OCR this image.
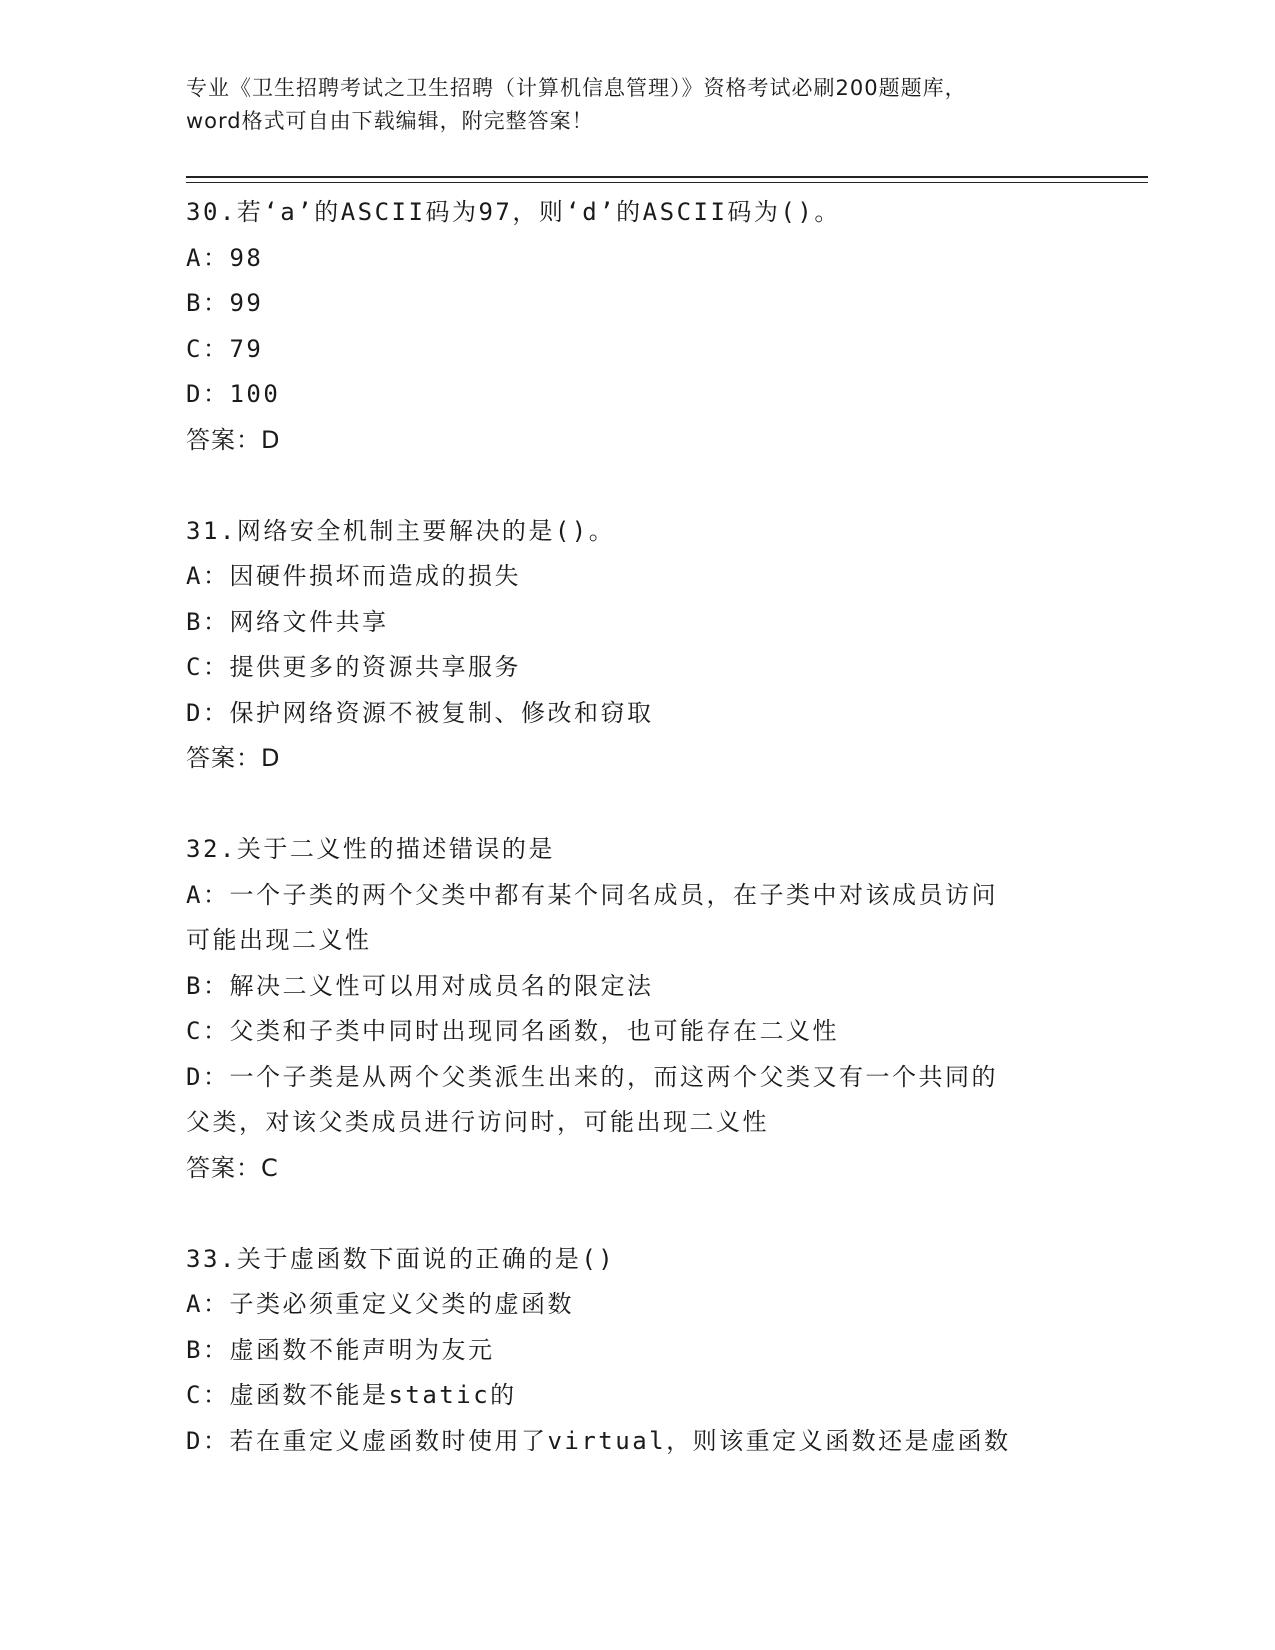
专业《卫生招聘考试之卫生招聘（计算机信息管理）》资格考试必刷200题题库，
word格式可自由下载编辑，附完整答案！

30.若‘a’的ASCII码为97，则‘d’的ASCII码为()。

A：98

B：99

C：79

D：100

答案：D

31.网络安全机制主要解决的是()。

A：因硬件损坏而造成的损失

B：网络文件共享

C：提供更多的资源共享服务

D：保护网络资源不被复制、修改和窃取

答案：D

32.关于二义性的描述错误的是

A：一个子类的两个父类中都有某个同名成员，在子类中对该成员访问

可能出现二义性

B：解决二义性可以用对成员名的限定法

C：父类和子类中同时出现同名函数，也可能存在二义性

D：一个子类是从两个父类派生出来的，而这两个父类又有一个共同的

父类，对该父类成员进行访问时，可能出现二义性

答案：C

33.关于虚函数下面说的正确的是()

A：子类必须重定义父类的虚函数

B：虚函数不能声明为友元

C：虚函数不能是static的

D：若在重定义虚函数时使用了virtual，则该重定义函数还是虚函数
